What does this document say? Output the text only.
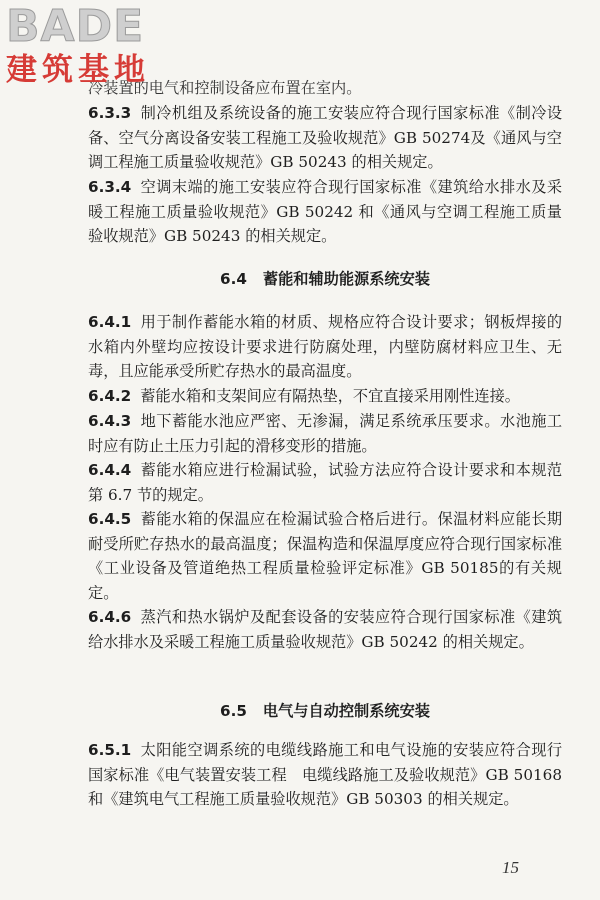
BADE
建筑基地

冷装置的电气和控制设备应布置在室内。

6.3.3 制冷机组及系统设备的施工安装应符合现行国家标准《制冷设备、空气分离设备安装工程施工及验收规范》GB 50274及《通风与空调工程施工质量验收规范》GB 50243 的相关规定。

6.3.4 空调末端的施工安装应符合现行国家标准《建筑给水排水及采暖工程施工质量验收规范》GB 50242 和《通风与空调工程施工质量验收规范》GB 50243 的相关规定。

6.4 蓄能和辅助能源系统安装

6.4.1 用于制作蓄能水箱的材质、规格应符合设计要求；钢板焊接的水箱内外壁均应按设计要求进行防腐处理，内壁防腐材料应卫生、无毒，且应能承受所贮存热水的最高温度。

6.4.2 蓄能水箱和支架间应有隔热垫，不宜直接采用刚性连接。

6.4.3 地下蓄能水池应严密、无渗漏，满足系统承压要求。水池施工时应有防止土压力引起的滑移变形的措施。

6.4.4 蓄能水箱应进行检漏试验，试验方法应符合设计要求和本规范第 6.7 节的规定。

6.4.5 蓄能水箱的保温应在检漏试验合格后进行。保温材料应能长期耐受所贮存热水的最高温度；保温构造和保温厚度应符合现行国家标准《工业设备及管道绝热工程质量检验评定标准》GB 50185的有关规定。

6.4.6 蒸汽和热水锅炉及配套设备的安装应符合现行国家标准《建筑给水排水及采暖工程施工质量验收规范》GB 50242 的相关规定。

6.5 电气与自动控制系统安装

6.5.1 太阳能空调系统的电缆线路施工和电气设施的安装应符合现行国家标准《电气装置安装工程　电缆线路施工及验收规范》GB 50168 和《建筑电气工程施工质量验收规范》GB 50303 的相关规定。

15
